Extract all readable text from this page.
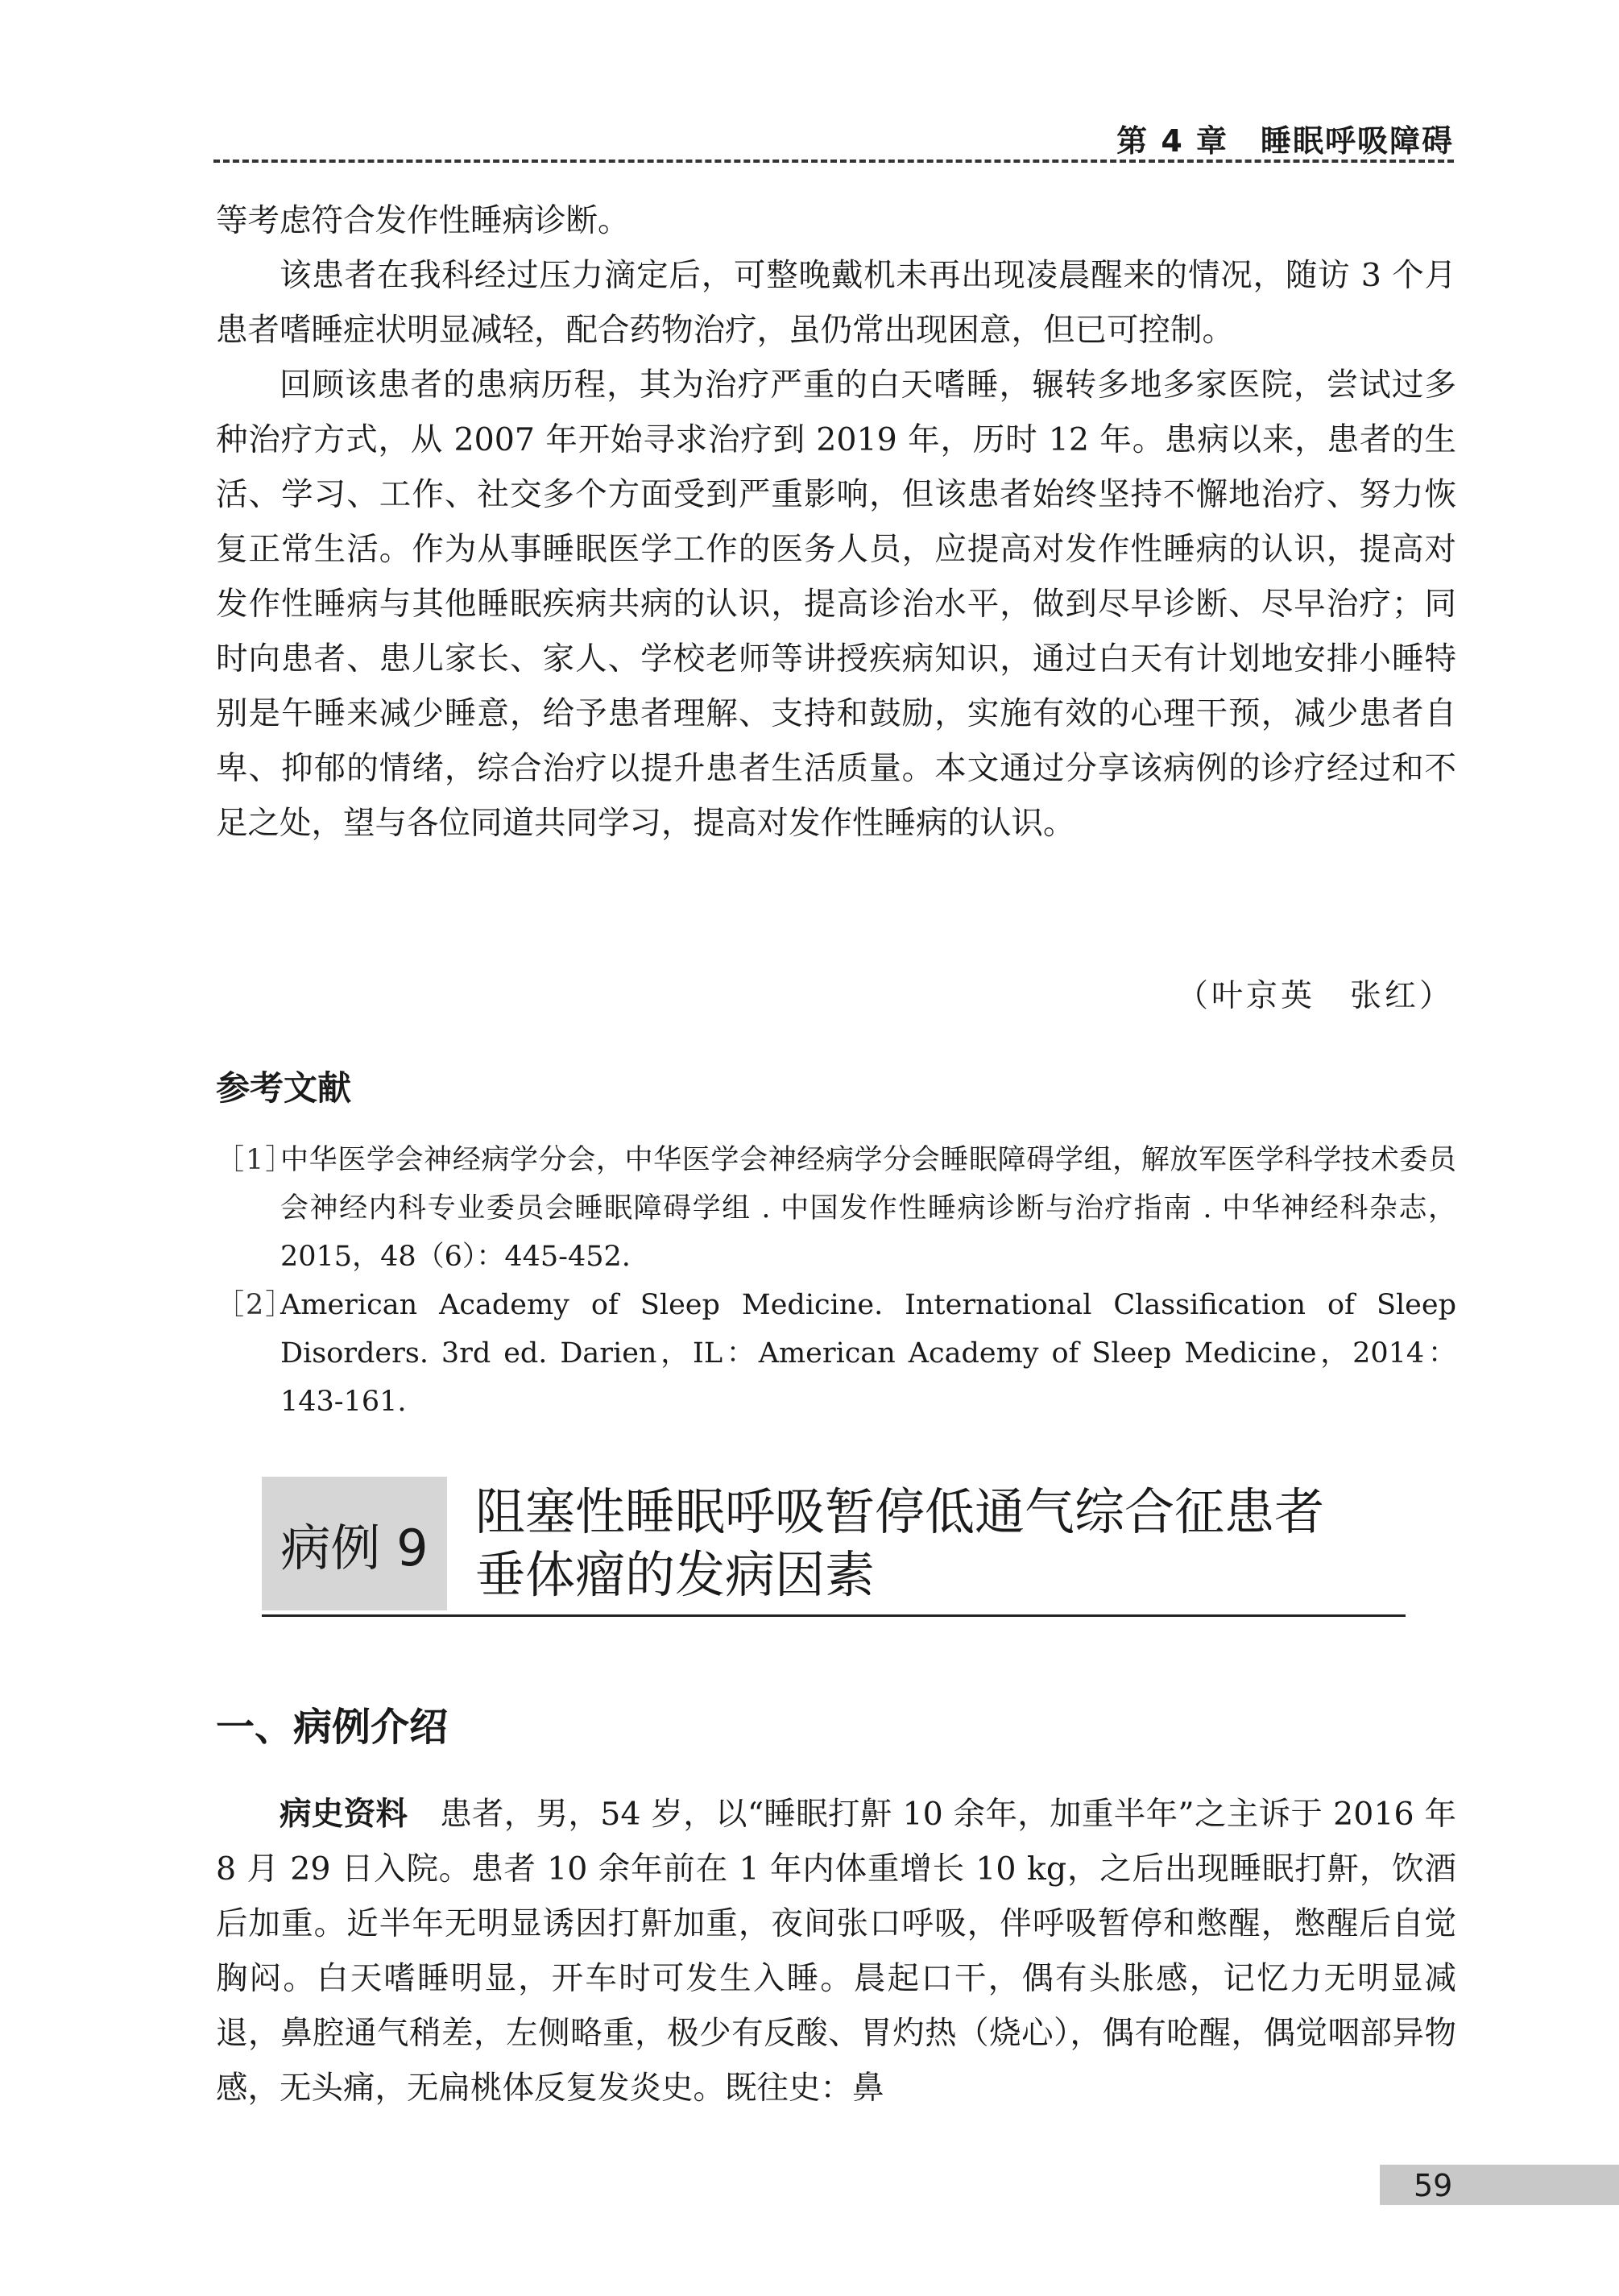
第 4 章　睡眠呼吸障碍

等考虑符合发作性睡病诊断。

该患者在我科经过压力滴定后，可整晚戴机未再出现凌晨醒来的情况，随访 3 个月患者嗜睡症状明显减轻，配合药物治疗，虽仍常出现困意，但已可控制。

回顾该患者的患病历程，其为治疗严重的白天嗜睡，辗转多地多家医院，尝试过多种治疗方式，从 2007 年开始寻求治疗到 2019 年，历时 12 年。患病以来，患者的生活、学习、工作、社交多个方面受到严重影响，但该患者始终坚持不懈地治疗、努力恢复正常生活。作为从事睡眠医学工作的医务人员，应提高对发作性睡病的认识，提高对发作性睡病与其他睡眠疾病共病的认识，提高诊治水平，做到尽早诊断、尽早治疗；同时向患者、患儿家长、家人、学校老师等讲授疾病知识，通过白天有计划地安排小睡特别是午睡来减少睡意，给予患者理解、支持和鼓励，实施有效的心理干预，减少患者自卑、抑郁的情绪，综合治疗以提升患者生活质量。本文通过分享该病例的诊疗经过和不足之处，望与各位同道共同学习，提高对发作性睡病的认识。

（叶京英　张红）
参考文献
［1］
中华医学会神经病学分会，中华医学会神经病学分会睡眠障碍学组，解放军医学科学技术委员会神经内科专业委员会睡眠障碍学组 . 中国发作性睡病诊断与治疗指南 . 中华神经科杂志，2015，48（6）：445-452.
［2］
American Academy of Sleep Medicine. International Classification of Sleep Disorders. 3rd ed. Darien，IL：American Academy of Sleep Medicine，2014：143-161.
病例 9
阻塞性睡眠呼吸暂停低通气综合征患者
垂体瘤的发病因素
一、病例介绍

病史资料　 患者，男，54 岁，以“睡眠打鼾 10 余年，加重半年”之主诉于 2016 年 8 月 29 日入院。患者 10 余年前在 1 年内体重增长 10 kg，之后出现睡眠打鼾，饮酒后加重。近半年无明显诱因打鼾加重，夜间张口呼吸，伴呼吸暂停和憋醒，憋醒后自觉胸闷。白天嗜睡明显，开车时可发生入睡。晨起口干，偶有头胀感，记忆力无明显减退，鼻腔通气稍差，左侧略重，极少有反酸、胃灼热（烧心），偶有呛醒，偶觉咽部异物感，无头痛，无扁桃体反复发炎史。既往史：鼻

59
